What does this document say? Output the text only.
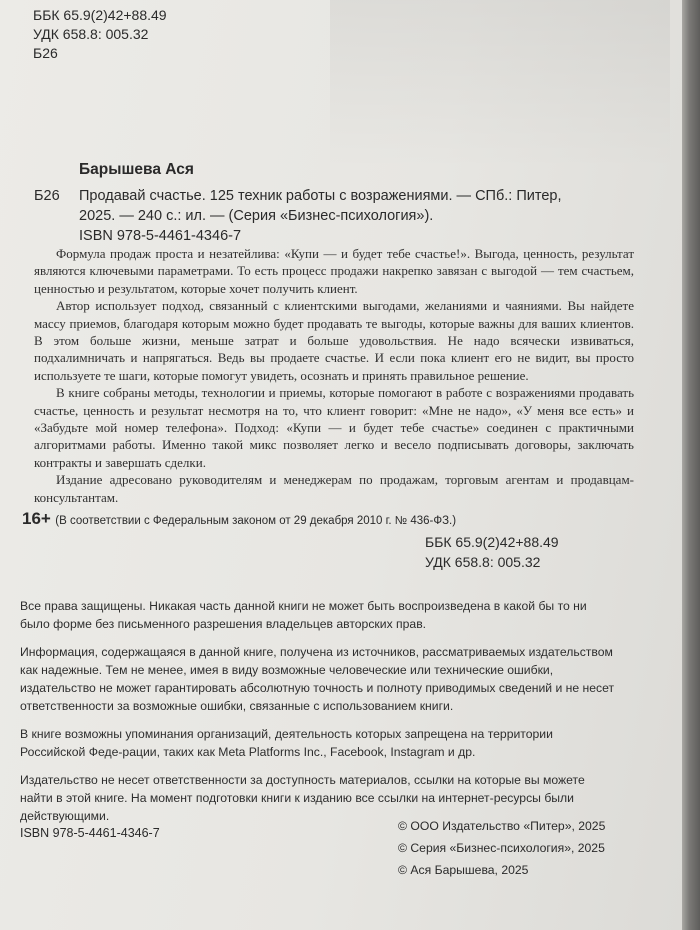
ББК 65.9(2)42+88.49
УДК 658.8: 005.32
Б26
Барышева Ася
Б26 Продавай счастье. 125 техник работы с возражениями. — СПб.: Питер,
2025. — 240 с.: ил. — (Серия «Бизнес-психология»).
ISBN 978-5-4461-4346-7

Формула продаж проста и незатейлива: «Купи — и будет тебе счастье!». Выгода, ценность, результат являются ключевыми параметрами. То есть процесс продажи накрепко завязан с выгодой — тем счастьем, ценностью и результатом, которые хочет получить клиент.

Автор использует подход, связанный с клиентскими выгодами, желаниями и чаяниями. Вы найдете массу приемов, благодаря которым можно будет продавать те выгоды, которые важны для ваших клиентов. В этом больше жизни, меньше затрат и больше удовольствия. Не надо всячески извиваться, подхалимничать и напрягаться. Ведь вы продаете счастье. И если пока клиент его не видит, вы просто используете те шаги, которые помогут увидеть, осознать и принять правильное решение.

В книге собраны методы, технологии и приемы, которые помогают в работе с возражениями продавать счастье, ценность и результат несмотря на то, что клиент говорит: «Мне не надо», «У меня все есть» и «Забудьте мой номер телефона». Подход: «Купи — и будет тебе счастье» соединен с практичными алгоритмами работы. Именно такой микс позволяет легко и весело подписывать договоры, заключать контракты и завершать сделки.

Издание адресовано руководителям и менеджерам по продажам, торговым агентам и продавцам-консультантам.

16+ (В соответствии с Федеральным законом от 29 декабря 2010 г. № 436-ФЗ.)
ББК 65.9(2)42+88.49
УДК 658.8: 005.32

Все права защищены. Никакая часть данной книги не может быть воспроизведена в какой бы то ни было форме без письменного разрешения владельцев авторских прав.

Информация, содержащаяся в данной книге, получена из источников, рассматриваемых издательством как надежные. Тем не менее, имея в виду возможные человеческие или технические ошибки, издательство не может гарантировать абсолютную точность и полноту приводимых сведений и не несет ответственности за возможные ошибки, связанные с использованием книги.

В книге возможны упоминания организаций, деятельность которых запрещена на территории Российской Феде-рации, таких как Meta Platforms Inc., Facebook, Instagram и др.

Издательство не несет ответственности за доступность материалов, ссылки на которые вы можете найти в этой книге. На момент подготовки книги к изданию все ссылки на интернет-ресурсы были действующими.

ISBN 978-5-4461-4346-7	© ООО Издательство «Питер», 2025
© Серия «Бизнес-психология», 2025
© Ася Барышева, 2025
